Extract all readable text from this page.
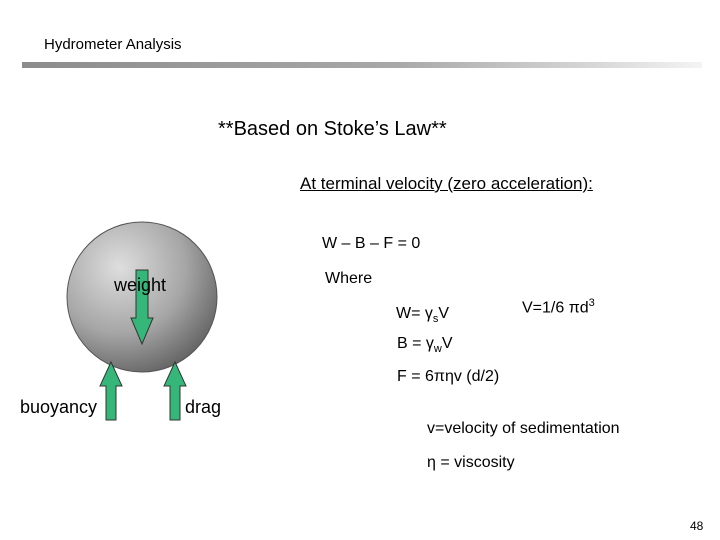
Hydrometer Analysis
weight
buoyancy	drag
**Based on Stoke’s Law**
At terminal velocity (zero acceleration):
W – B – F = 0
Where
$W= \gamma_sV$	V=1/6 $\pi d^3$
$B = \gamma_wV$
F = 6πηv (d/2)
v=velocity of sedimentation
η = viscosity
48
